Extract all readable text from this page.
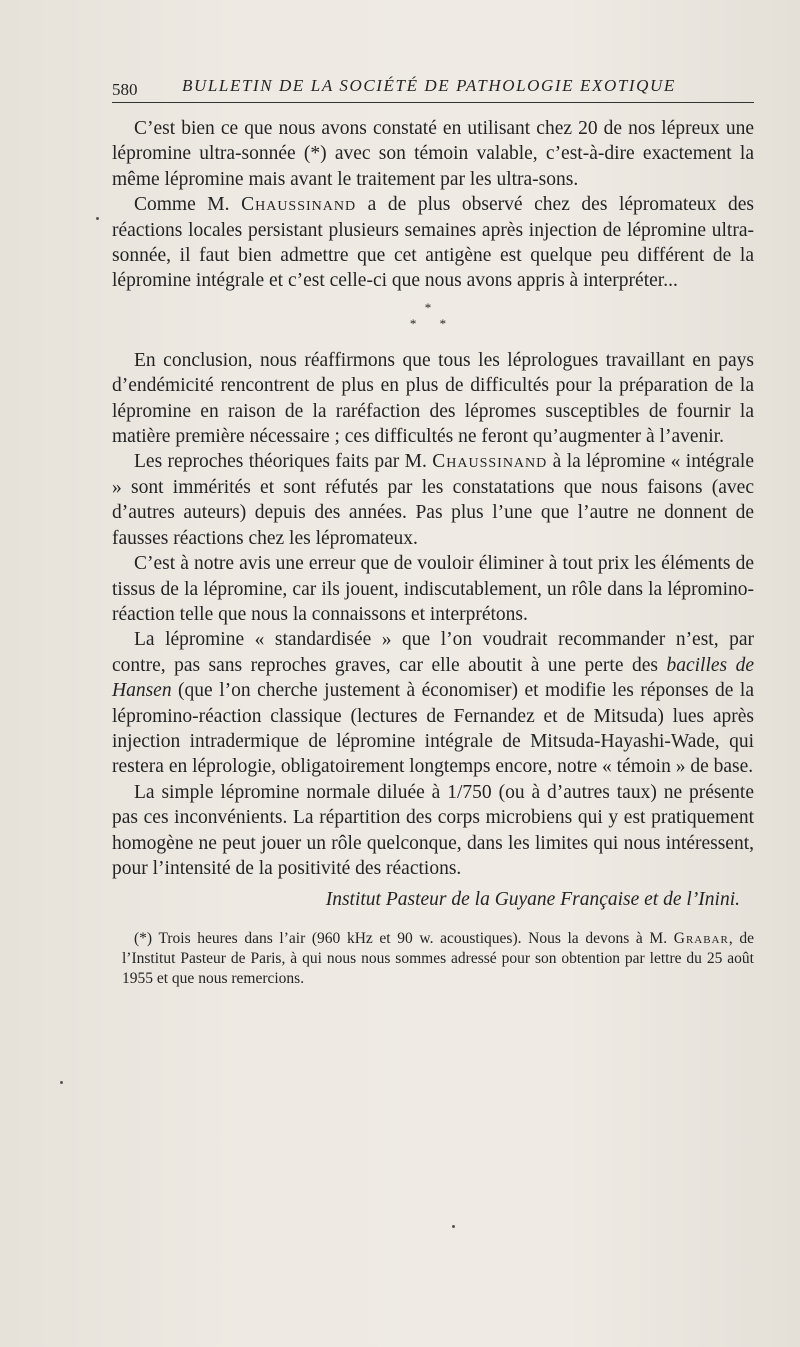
580	BULLETIN DE LA SOCIÉTÉ DE PATHOLOGIE EXOTIQUE

C’est bien ce que nous avons constaté en utilisant chez 20 de nos lépreux une lépromine ultra-sonnée (*) avec son témoin valable, c’est-à-dire exactement la même lépromine mais avant le traitement par les ultra-sons.

Comme M. Chaussinand a de plus observé chez des lépromateux des réactions locales persistant plusieurs semaines après injection de lépromine ultra-sonnée, il faut bien admettre que cet antigène est quelque peu différent de la lépromine intégrale et c’est celle-ci que nous avons appris à interpréter...

*
* *

En conclusion, nous réaffirmons que tous les léprologues travaillant en pays d’endémicité rencontrent de plus en plus de difficultés pour la préparation de la lépromine en raison de la raréfaction des lépromes susceptibles de fournir la matière première nécessaire ; ces difficultés ne feront qu’augmenter à l’avenir.

Les reproches théoriques faits par M. Chaussinand à la lépromine « intégrale » sont immérités et sont réfutés par les constatations que nous faisons (avec d’autres auteurs) depuis des années. Pas plus l’une que l’autre ne donnent de fausses réactions chez les lépromateux.

C’est à notre avis une erreur que de vouloir éliminer à tout prix les éléments de tissus de la lépromine, car ils jouent, indiscutablement, un rôle dans la lépromino-réaction telle que nous la connaissons et interprétons.

La lépromine « standardisée » que l’on voudrait recommander n’est, par contre, pas sans reproches graves, car elle aboutit à une perte des bacilles de Hansen (que l’on cherche justement à économiser) et modifie les réponses de la lépromino-réaction classique (lectures de Fernandez et de Mitsuda) lues après injection intradermique de lépromine intégrale de Mitsuda-Hayashi-Wade, qui restera en léprologie, obligatoirement longtemps encore, notre « témoin » de base.

La simple lépromine normale diluée à 1/750 (ou à d’autres taux) ne présente pas ces inconvénients. La répartition des corps microbiens qui y est pratiquement homogène ne peut jouer un rôle quelconque, dans les limites qui nous intéressent, pour l’intensité de la positivité des réactions.

Institut Pasteur de la Guyane Française et de l’Inini.
(*) Trois heures dans l’air (960 kHz et 90 w. acoustiques). Nous la devons à M. Grabar, de l’Institut Pasteur de Paris, à qui nous nous sommes adressé pour son obtention par lettre du 25 août 1955 et que nous remercions.
